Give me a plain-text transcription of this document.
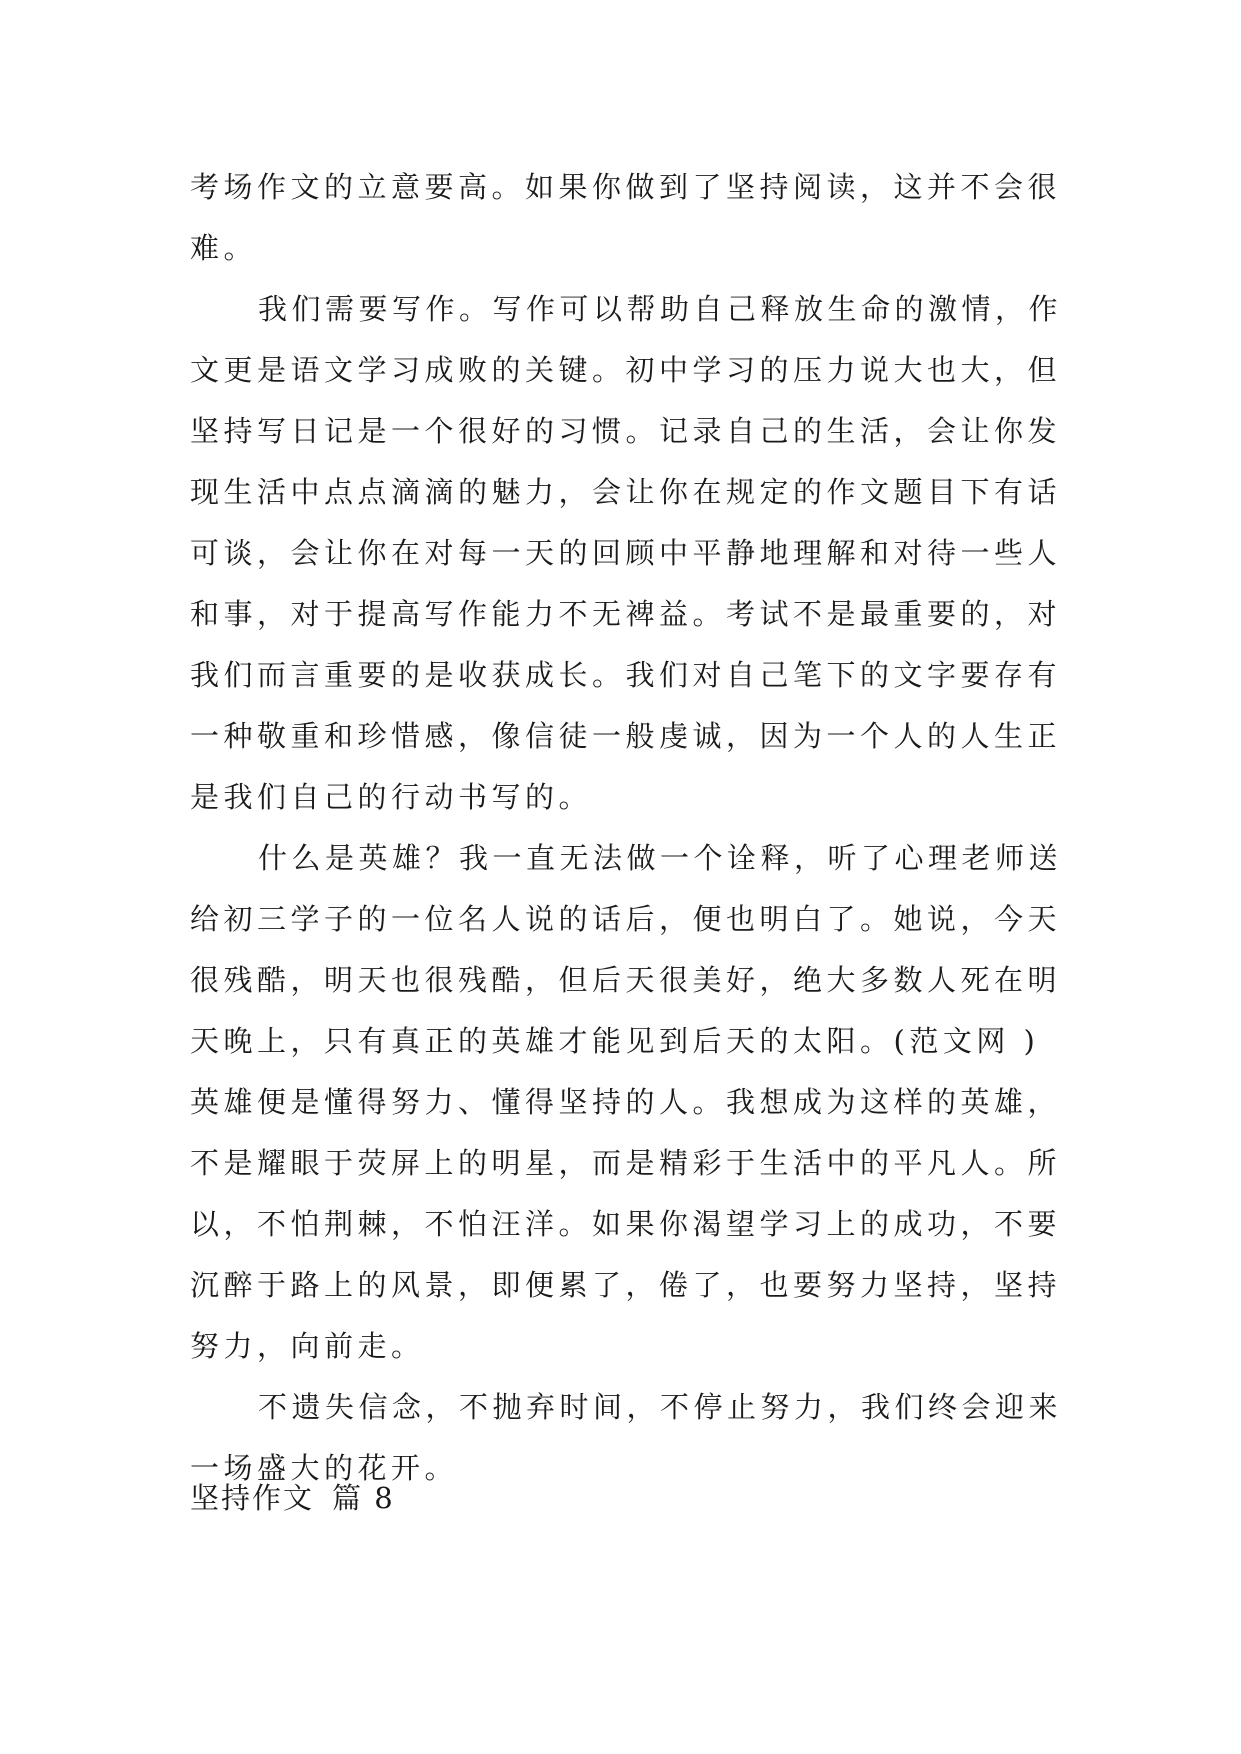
考场作文的立意要高。如果你做到了坚持阅读，这并不会很
难。
我们需要写作。写作可以帮助自己释放生命的激情，作
文更是语文学习成败的关键。初中学习的压力说大也大，但
坚持写日记是一个很好的习惯。记录自己的生活，会让你发
现生活中点点滴滴的魅力，会让你在规定的作文题目下有话
可谈，会让你在对每一天的回顾中平静地理解和对待一些人
和事，对于提高写作能力不无裨益。考试不是最重要的，对
我们而言重要的是收获成长。我们对自己笔下的文字要存有
一种敬重和珍惜感，像信徒一般虔诚，因为一个人的人生正
是我们自己的行动书写的。
什么是英雄？我一直无法做一个诠释，听了心理老师送
给初三学子的一位名人说的话后，便也明白了。她说，今天
很残酷，明天也很残酷，但后天很美好，绝大多数人死在明
天晚上，只有真正的英雄才能见到后天的太阳。(范文网 )
英雄便是懂得努力、懂得坚持的人。我想成为这样的英雄，
不是耀眼于荧屏上的明星，而是精彩于生活中的平凡人。所
以，不怕荆棘，不怕汪洋。如果你渴望学习上的成功，不要
沉醉于路上的风景，即便累了，倦了，也要努力坚持，坚持
努力，向前走。
不遗失信念，不抛弃时间，不停止努力，我们终会迎来
一场盛大的花开。
坚持作文 篇 8
